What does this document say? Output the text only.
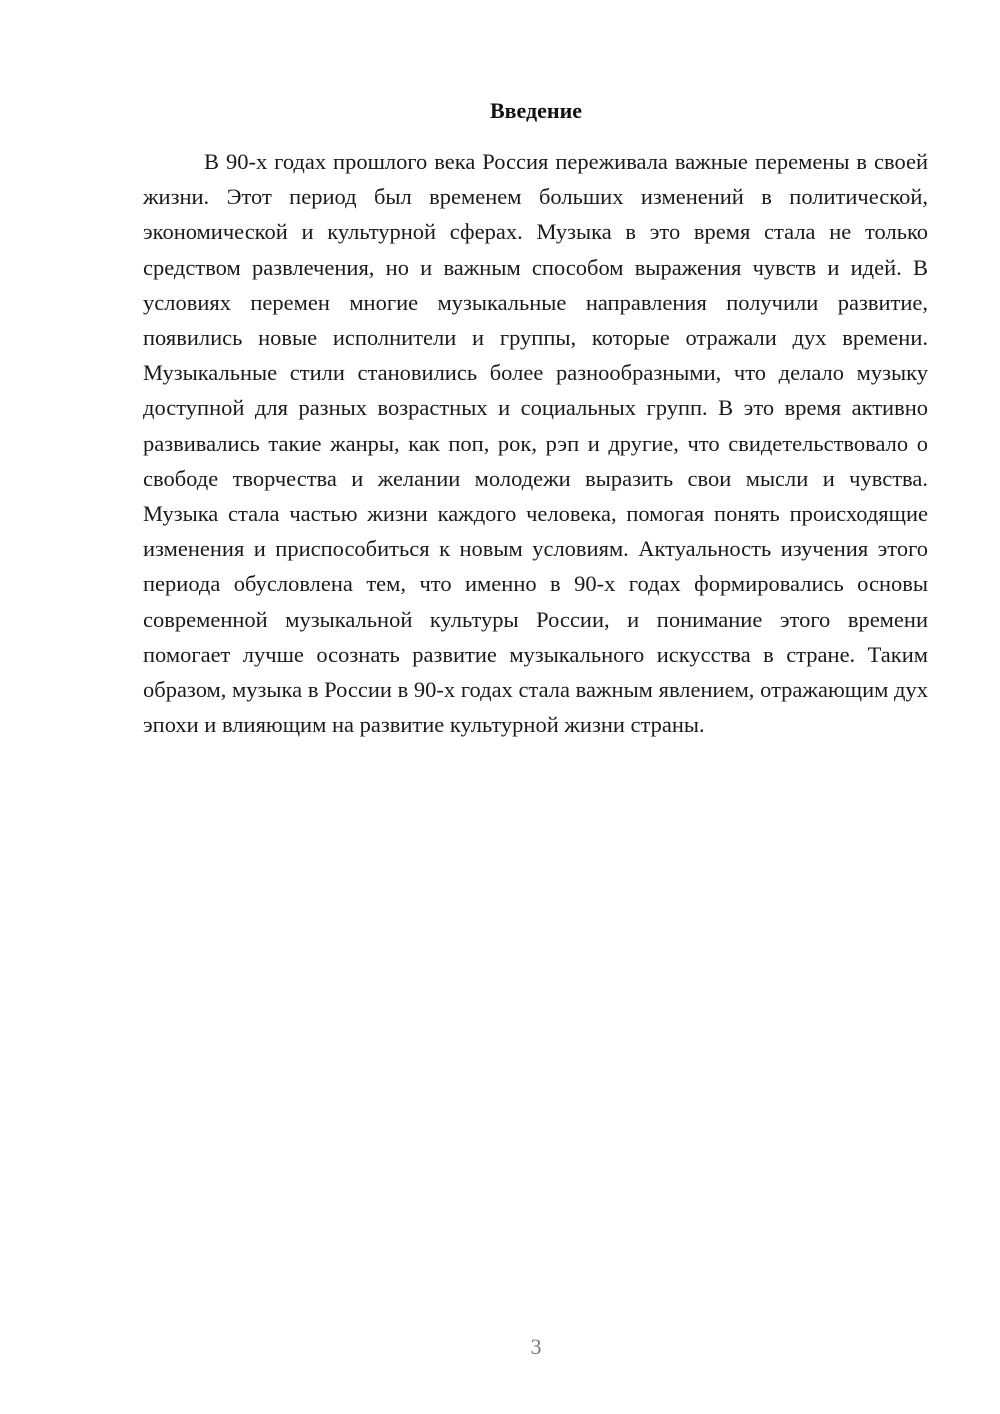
Введение

В 90-х годах прошлого века Россия переживала важные перемены в своей жизни. Этот период был временем больших изменений в политической, экономической и культурной сферах. Музыка в это время стала не только средством развлечения, но и важным способом выражения чувств и идей. В условиях перемен многие музыкальные направления получили развитие, появились новые исполнители и группы, которые отражали дух времени. Музыкальные стили становились более разнообразными, что делало музыку доступной для разных возрастных и социальных групп. В это время активно развивались такие жанры, как поп, рок, рэп и другие, что свидетельствовало о свободе творчества и желании молодежи выразить свои мысли и чувства. Музыка стала частью жизни каждого человека, помогая понять происходящие изменения и приспособиться к новым условиям. Актуальность изучения этого периода обусловлена тем, что именно в 90-х годах формировались основы современной музыкальной культуры России, и понимание этого времени помогает лучше осознать развитие музыкального искусства в стране. Таким образом, музыка в России в 90-х годах стала важным явлением, отражающим дух эпохи и влияющим на развитие культурной жизни страны.

3
